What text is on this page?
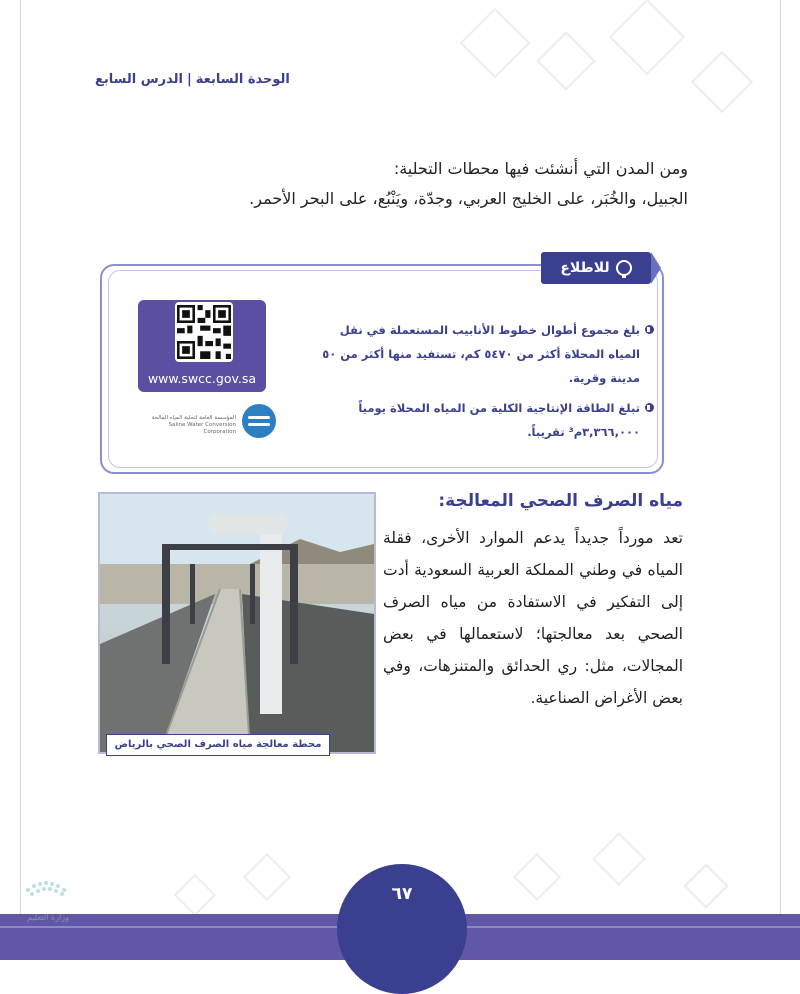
الوحدة السابعة|الدرس السابع

ومن المدن التي أنشئت فيها محطات التحلية:

الجبيل، والخُبَر، على الخليج العربي، وجدّة، ويَنْبُع، على البحر الأحمر.

للاطلاع
بلغ مجموع أطوال خطوط الأنابيب المستعملة في نقل المياه المحلاة أكثر من ٥٤٧٠ كم، تستفيد منها أكثر من ٥٠ مدينة وقرية.
تبلغ الطاقة الإنتاجية الكلية من المياه المحلاة يومياً ٣,٣٦٦,٠٠٠م³ تقريباً.
www.swcc.gov.sa
المؤسسة العامة لتحلية المياه المالحة
Saline Water Conversion Corporation
محطة معالجة مياه الصرف الصحي بالرياض
مياه الصرف الصحي المعالجة:

تعد مورداً جديداً يدعم الموارد الأخرى، فقلة المياه في وطني المملكة العربية السعودية أدت إلى التفكير في الاستفادة من مياه الصرف الصحي بعد معالجتها؛ لاستعمالها في بعض المجالات، مثل: ري الحدائق والمتنزهات، وفي بعض الأغراض الصناعية.

٦٧
وزارة التعليم
